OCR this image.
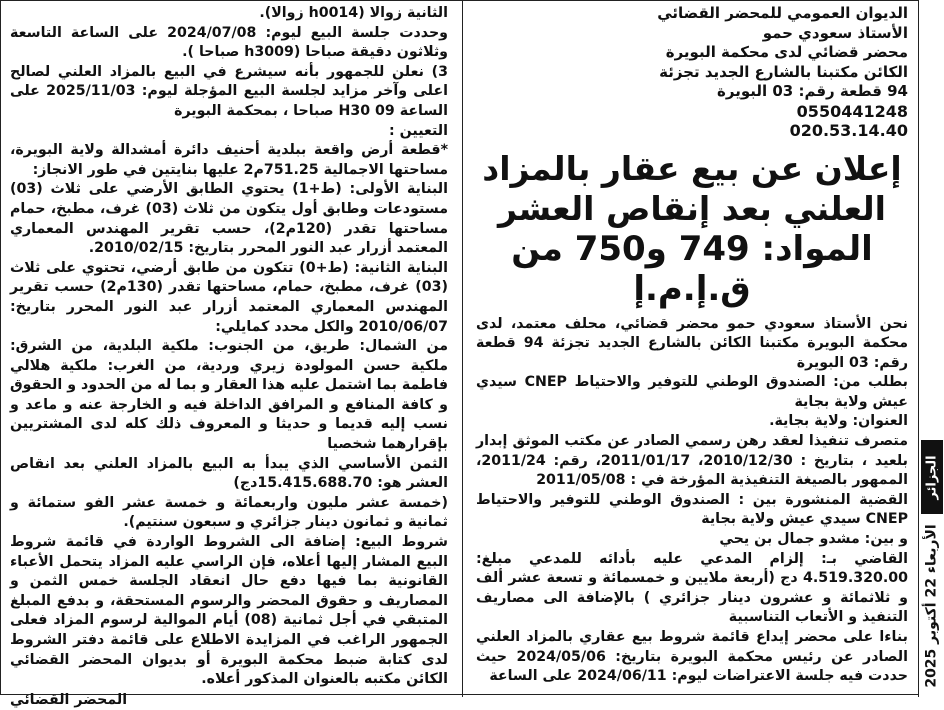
الثانية زوالا (h0014 زوالا).

وحددت جلسة البيع ليوم: 2024/07/08 على الساعة التاسعة وثلاثون دقيقة صباحا (h3009 صباحا ).

3) نعلن للجمهور بأنه سيشرع في البيع بالمزاد العلني لصالح اعلى وآخر مزايد لجلسة البيع المؤجلة ليوم: 2025/11/03 على الساعة H30 09 صباحا ، بمحكمة البويرة

التعيين :

*قطعة أرض واقعة ببلدية أحنيف دائرة أمشدالة ولاية البويرة، مساحتها الاجمالية 751.25م2 عليها بنايتين في طور الانجاز:

البناية الأولى: (ط+1) يحتوي الطابق الأرضي على ثلاث (03) مستودعات وطابق أول يتكون من ثلاث (03) غرف، مطبخ، حمام مساحتها تقدر (120م2)، حسب تقرير المهندس المعماري المعتمد أزرار عبد النور المحرر بتاريخ: 2010/02/15.

البناية الثانية: (ط+0) تتكون من طابق أرضي، تحتوي على ثلاث (03) غرف، مطبخ، حمام، مساحتها تقدر (130م2) حسب تقرير المهندس المعماري المعتمد أزرار عبد النور المحرر بتاريخ: 2010/06/07 والكل محدد كمايلي:

من الشمال: طريق، من الجنوب: ملكية البلدية، من الشرق: ملكية حسن المولودة زيري وردية، من الغرب: ملكية هلالي فاطمة بما اشتمل عليه هذا العقار و بما له من الحدود و الحقوق و كافة المنافع و المرافق الداخلة فيه و الخارجة عنه و ماعد و نسب إليه قديما و حديثا و المعروف ذلك كله لدى المشتريين بإقرارهما شخصيا

الثمن الأساسي الذي يبدأ به البيع بالمزاد العلني بعد انقاص العشر هو: 15.415.688.70دج)

(خمسة عشر مليون واربعمائة و خمسة عشر الفو ستمائة و ثمانية و ثمانون دينار جزائري و سبعون سنتيم).

شروط البيع: إضافة الى الشروط الواردة في قائمة شروط البيع المشار إليها أعلاه، فإن الراسي عليه المزاد يتحمل الأعباء القانونية بما فيها دفع حال انعقاد الجلسة خمس الثمن و المصاريف و حقوق المحضر والرسوم المستحقة، و بدفع المبلغ المتبقي في أجل ثمانية (08) أيام الموالية لرسوم المزاد فعلى الجمهور الراغب في المزايدة الاطلاع على قائمة دفتر الشروط لدى كتابة ضبط محكمة البويرة أو بديوان المحضر القضائي الكائن مكتبه بالعنوان المذكور أعلاه.

المحضر القضائي

الديوان العمومي للمحضر القضائي

الأستاذ سعودي حمو

محضر قضائي لدى محكمة البويرة

الكائن مكتبنا بالشارع الجديد تجزئة

94 قطعة رقم: 03 البويرة

0550441248

020.53.14.40

إعلان عن بيع عقار بالمزاد
العلني بعد إنقاص العشر
المواد: 749 و750 من ق.إ.م.إ

نحن الأستاذ سعودي حمو محضر قضائي، محلف معتمد، لدى محكمة البويرة مكتبنا الكائن بالشارع الجديد تجزئة 94 قطعة رقم: 03 البويرة

بطلب من: الصندوق الوطني للتوفير والاحتياط CNEP سيدي عيش ولاية بجاية

العنوان: ولاية بجاية.

متصرف تنفيذا لعقد رهن رسمي الصادر عن مكتب الموثق إبدار بلعيد ، بتاريخ : 2010/12/30، 2011/01/17، رقم: 2011/24، الممهور بالصيغة التنفيذية المؤرخة في : 2011/05/08

القضية المنشورة بين : الصندوق الوطني للتوفير والاحتياط CNEP سيدي عيش ولاية بجاية

و بين: مشدو جمال بن يحي

القاضي بـ: إلزام المدعي عليه بأدائه للمدعي مبلغ: 4.519.320.00 دج (أربعة ملايين و خمسمائة و تسعة عشر ألف و ثلاثمائة و عشرون دينار جزائري ) بالإضافة الى مصاريف التنفيذ و الأتعاب التناسبية

بناءا على محضر إيداع قائمة شروط بيع عقاري بالمزاد العلني الصادر عن رئيس محكمة البويرة بتاريخ: 2024/05/06 حيث حددت فيه جلسة الاعتراضات ليوم: 2024/06/11 على الساعة

الجزائر
الأربعاء 22 أكتوبر 2025
